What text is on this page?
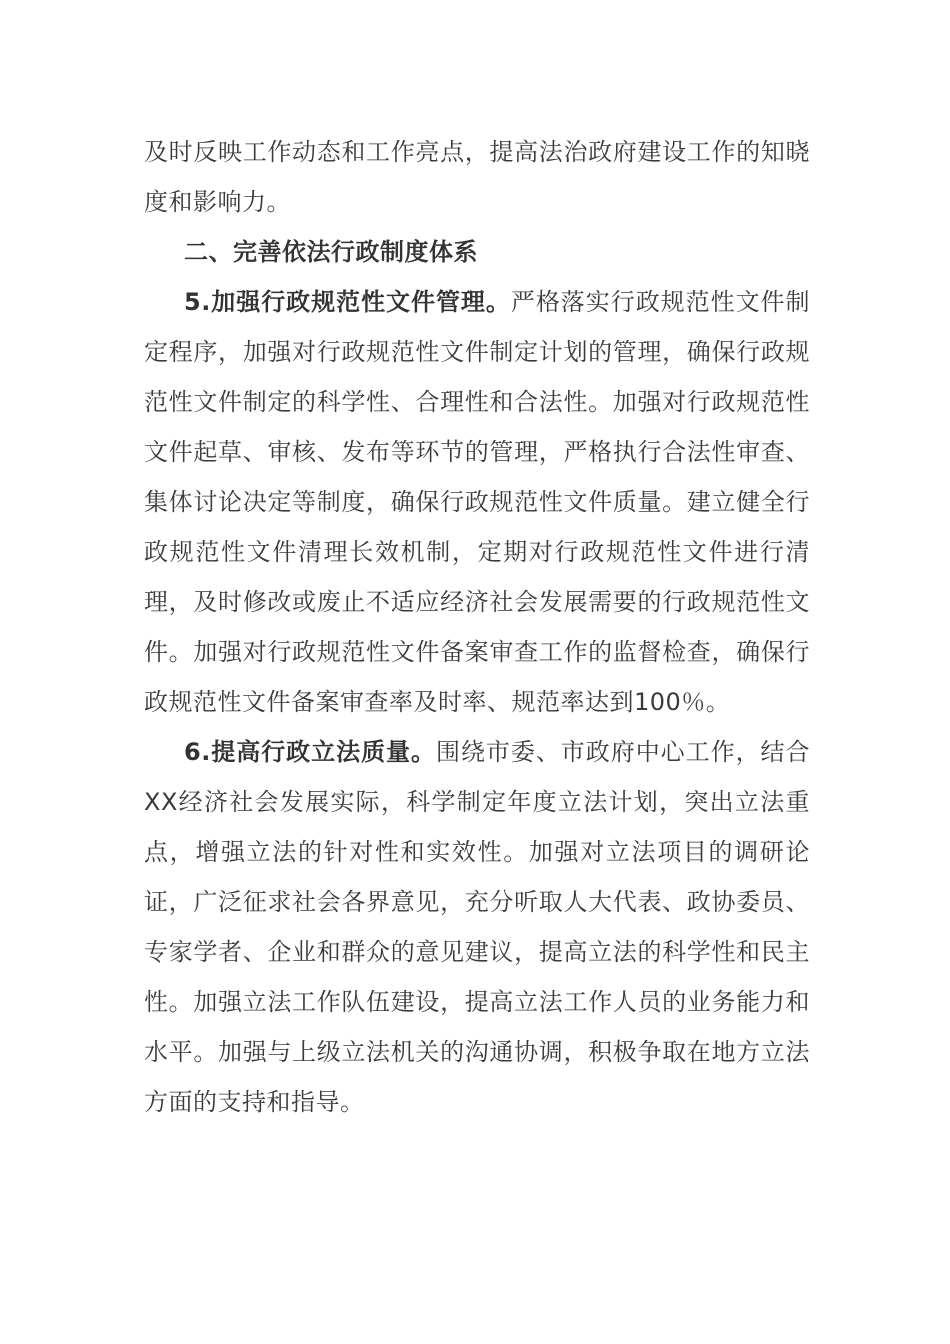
及时反映工作动态和工作亮点，提高法治政府建设工作的知晓度和影响力。

二、完善依法行政制度体系

5.加强行政规范性文件管理。严格落实行政规范性文件制定程序，加强对行政规范性文件制定计划的管理，确保行政规范性文件制定的科学性、合理性和合法性。加强对行政规范性文件起草、审核、发布等环节的管理，严格执行合法性审查、集体讨论决定等制度，确保行政规范性文件质量。建立健全行政规范性文件清理长效机制，定期对行政规范性文件进行清理，及时修改或废止不适应经济社会发展需要的行政规范性文件。加强对行政规范性文件备案审查工作的监督检查，确保行政规范性文件备案审查率及时率、规范率达到100％。

6.提高行政立法质量。围绕市委、市政府中心工作，结合XX经济社会发展实际，科学制定年度立法计划，突出立法重点，增强立法的针对性和实效性。加强对立法项目的调研论证，广泛征求社会各界意见，充分听取人大代表、政协委员、专家学者、企业和群众的意见建议，提高立法的科学性和民主性。加强立法工作队伍建设，提高立法工作人员的业务能力和水平。加强与上级立法机关的沟通协调，积极争取在地方立法方面的支持和指导。
